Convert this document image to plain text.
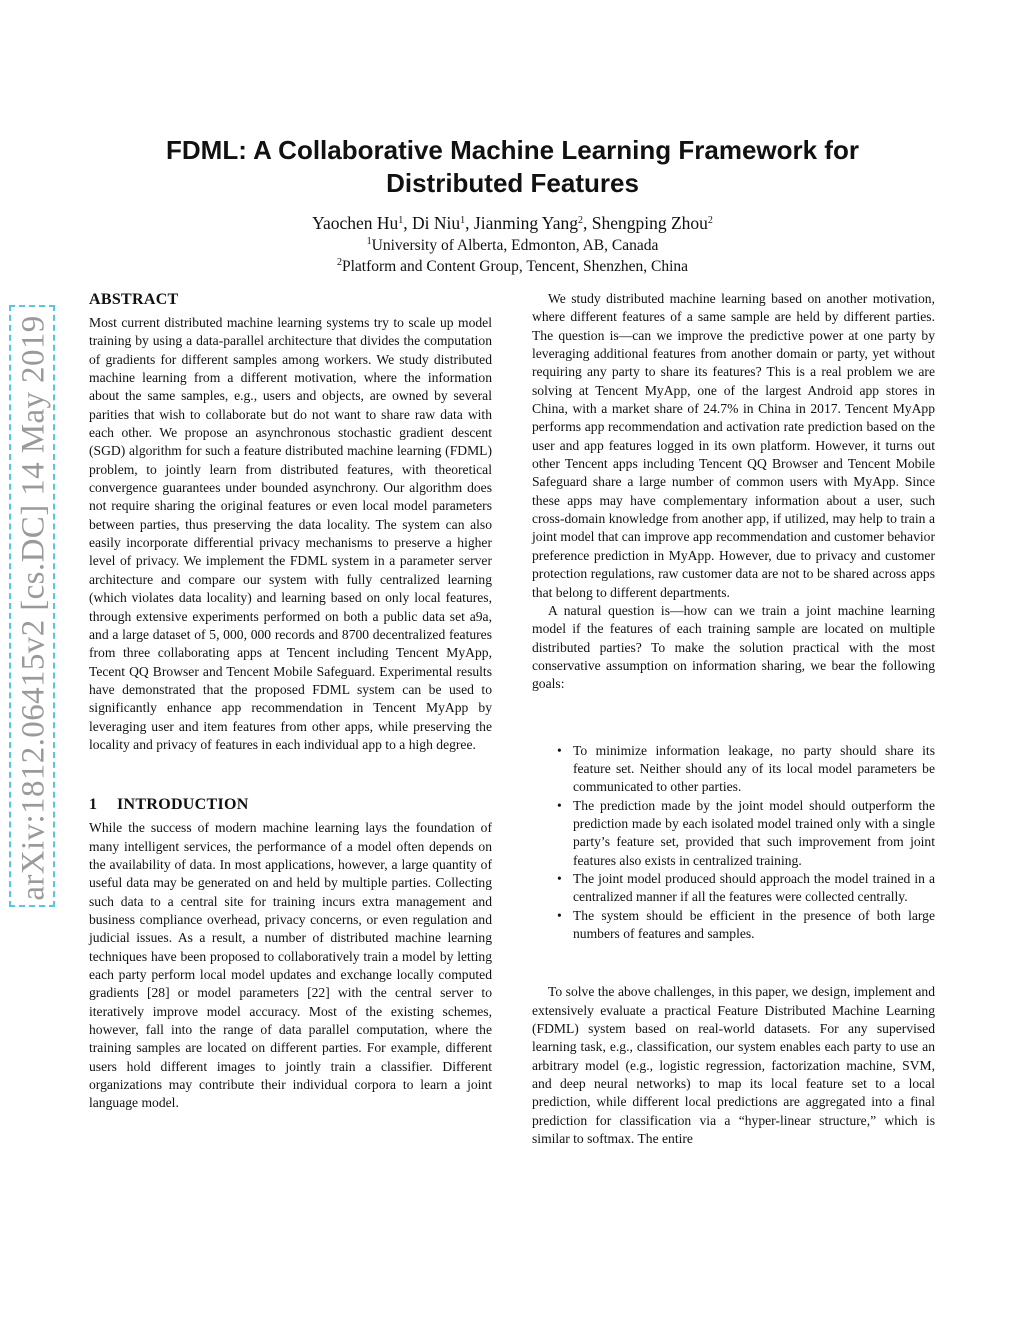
arXiv:1812.06415v2 [cs.DC] 14 May 2019
FDML: A Collaborative Machine Learning Framework for Distributed Features
Yaochen Hu$^1$, Di Niu$^1$, Jianming Yang$^2$, Shengping Zhou$^2$
$^1$University of Alberta, Edmonton, AB, Canada
$^2$Platform and Content Group, Tencent, Shenzhen, China
ABSTRACT

Most current distributed machine learning systems try to scale up model training by using a data-parallel architecture that divides the computation of gradients for different samples among workers. We study distributed machine learning from a different motivation, where the information about the same samples, e.g., users and objects, are owned by several parities that wish to collaborate but do not want to share raw data with each other. We propose an asynchronous stochastic gradient descent (SGD) algorithm for such a feature distributed machine learning (FDML) problem, to jointly learn from distributed features, with theoretical convergence guarantees under bounded asynchrony. Our algorithm does not require sharing the original features or even local model parameters between parties, thus preserving the data locality. The system can also easily incorporate differential privacy mechanisms to preserve a higher level of privacy. We implement the FDML system in a parameter server architecture and compare our system with fully centralized learning (which violates data locality) and learning based on only local features, through extensive experiments performed on both a public data set a9a, and a large dataset of 5, 000, 000 records and 8700 decentralized features from three collaborating apps at Tencent including Tencent MyApp, Tecent QQ Browser and Tencent Mobile Safeguard. Experimental results have demonstrated that the proposed FDML system can be used to significantly enhance app recommendation in Tencent MyApp by leveraging user and item features from other apps, while preserving the locality and privacy of features in each individual app to a high degree.

1 INTRODUCTION

While the success of modern machine learning lays the foundation of many intelligent services, the performance of a model often depends on the availability of data. In most applications, however, a large quantity of useful data may be generated on and held by multiple parties. Collecting such data to a central site for training incurs extra management and business compliance overhead, privacy concerns, or even regulation and judicial issues. As a result, a number of distributed machine learning techniques have been proposed to collaboratively train a model by letting each party perform local model updates and exchange locally computed gradients [28] or model parameters [22] with the central server to iteratively improve model accuracy. Most of the existing schemes, however, fall into the range of data parallel computation, where the training samples are located on different parties. For example, different users hold different images to jointly train a classifier. Different organizations may contribute their individual corpora to learn a joint language model.

We study distributed machine learning based on another motivation, where different features of a same sample are held by different parties. The question is—can we improve the predictive power at one party by leveraging additional features from another domain or party, yet without requiring any party to share its features? This is a real problem we are solving at Tencent MyApp, one of the largest Android app stores in China, with a market share of 24.7% in China in 2017. Tencent MyApp performs app recommendation and activation rate prediction based on the user and app features logged in its own platform. However, it turns out other Tencent apps including Tencent QQ Browser and Tencent Mobile Safeguard share a large number of common users with MyApp. Since these apps may have complementary information about a user, such cross-domain knowledge from another app, if utilized, may help to train a joint model that can improve app recommendation and customer behavior preference prediction in MyApp. However, due to privacy and customer protection regulations, raw customer data are not to be shared across apps that belong to different departments.

A natural question is—how can we train a joint machine learning model if the features of each training sample are located on multiple distributed parties? To make the solution practical with the most conservative assumption on information sharing, we bear the following goals:

• To minimize information leakage, no party should share its feature set. Neither should any of its local model parameters be communicated to other parties.
• The prediction made by the joint model should outperform the prediction made by each isolated model trained only with a single party’s feature set, provided that such improvement from joint features also exists in centralized training.
• The joint model produced should approach the model trained in a centralized manner if all the features were collected centrally.
• The system should be efficient in the presence of both large numbers of features and samples.

To solve the above challenges, in this paper, we design, implement and extensively evaluate a practical Feature Distributed Machine Learning (FDML) system based on real-world datasets. For any supervised learning task, e.g., classification, our system enables each party to use an arbitrary model (e.g., logistic regression, factorization machine, SVM, and deep neural networks) to map its local feature set to a local prediction, while different local predictions are aggregated into a final prediction for classification via a “hyper-linear structure,” which is similar to softmax. The entire
